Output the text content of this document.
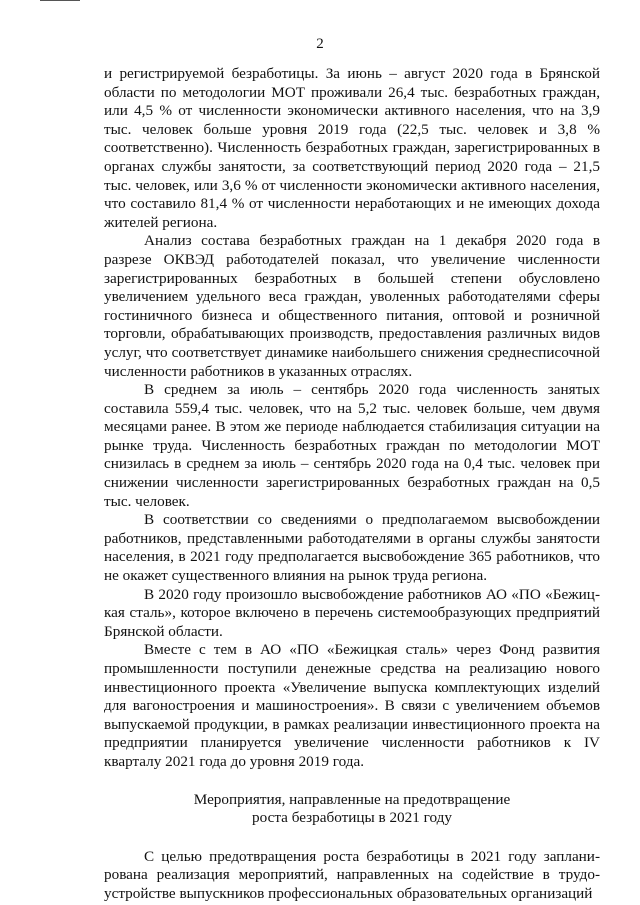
2

и регистрируемой безработицы. За июнь – август 2020 года в Брянской области по методологии МОТ проживали 26,4 тыс. безработных граждан, или 4,5 % от численности экономически активного населения, что на 3,9 тыс. человек больше уровня 2019 года (22,5 тыс. человек и 3,8 % соответственно). Численность безработных граждан, зарегистрированных в органах службы занятости, за соответствующий период 2020 года – 21,5 тыс. человек, или 3,6 % от численности экономически активного населения, что составило 81,4 % от численности неработающих и не имеющих дохода жителей региона.

Анализ состава безработных граждан на 1 декабря 2020 года в разрезе ОКВЭД работодателей показал, что увеличение численности зарегистрированных безработных в большей степени обусловлено увеличением удельного веса граждан, уволенных работодателями сферы гостиничного бизнеса и общественного питания, оптовой и розничной торговли, обрабатывающих производств, предоставления различных видов услуг, что соответствует динамике наибольшего снижения среднесписочной численности работников в указанных отраслях.

В среднем за июль – сентябрь 2020 года численность занятых составила 559,4 тыс. человек, что на 5,2 тыс. человек больше, чем двумя месяцами ранее. В этом же периоде наблюдается стабилизация ситуации на рынке труда. Численность безработных граждан по методологии МОТ снизилась в среднем за июль – сентябрь 2020 года на 0,4 тыс. человек при снижении численности зарегистрированных безработных граждан на 0,5 тыс. человек.

В соответствии со сведениями о предполагаемом высвобождении работников, представленными работодателями в органы службы занятости населения, в 2021 году предполагается высвобождение 365 работников, что не окажет существенного влияния на рынок труда региона.

В 2020 году произошло высвобождение работников АО «ПО «Бежицкая сталь», которое включено в перечень системообразующих предприятий Брянской области.

Вместе с тем в АО «ПО «Бежицкая сталь» через Фонд развития промышленности поступили денежные средства на реализацию нового инвестиционного проекта «Увеличение выпуска комплектующих изделий для вагоностроения и машиностроения». В связи с увеличением объемов выпускаемой продукции, в рамках реализации инвестиционного проекта на предприятии планируется увеличение численности работников к IV кварталу 2021 года до уровня 2019 года.

Мероприятия, направленные на предотвращение
роста безработицы в 2021 году

С целью предотвращения роста безработицы в 2021 году запланирована реализация мероприятий, направленных на содействие в трудоустройстве выпускников профессиональных образовательных организаций
